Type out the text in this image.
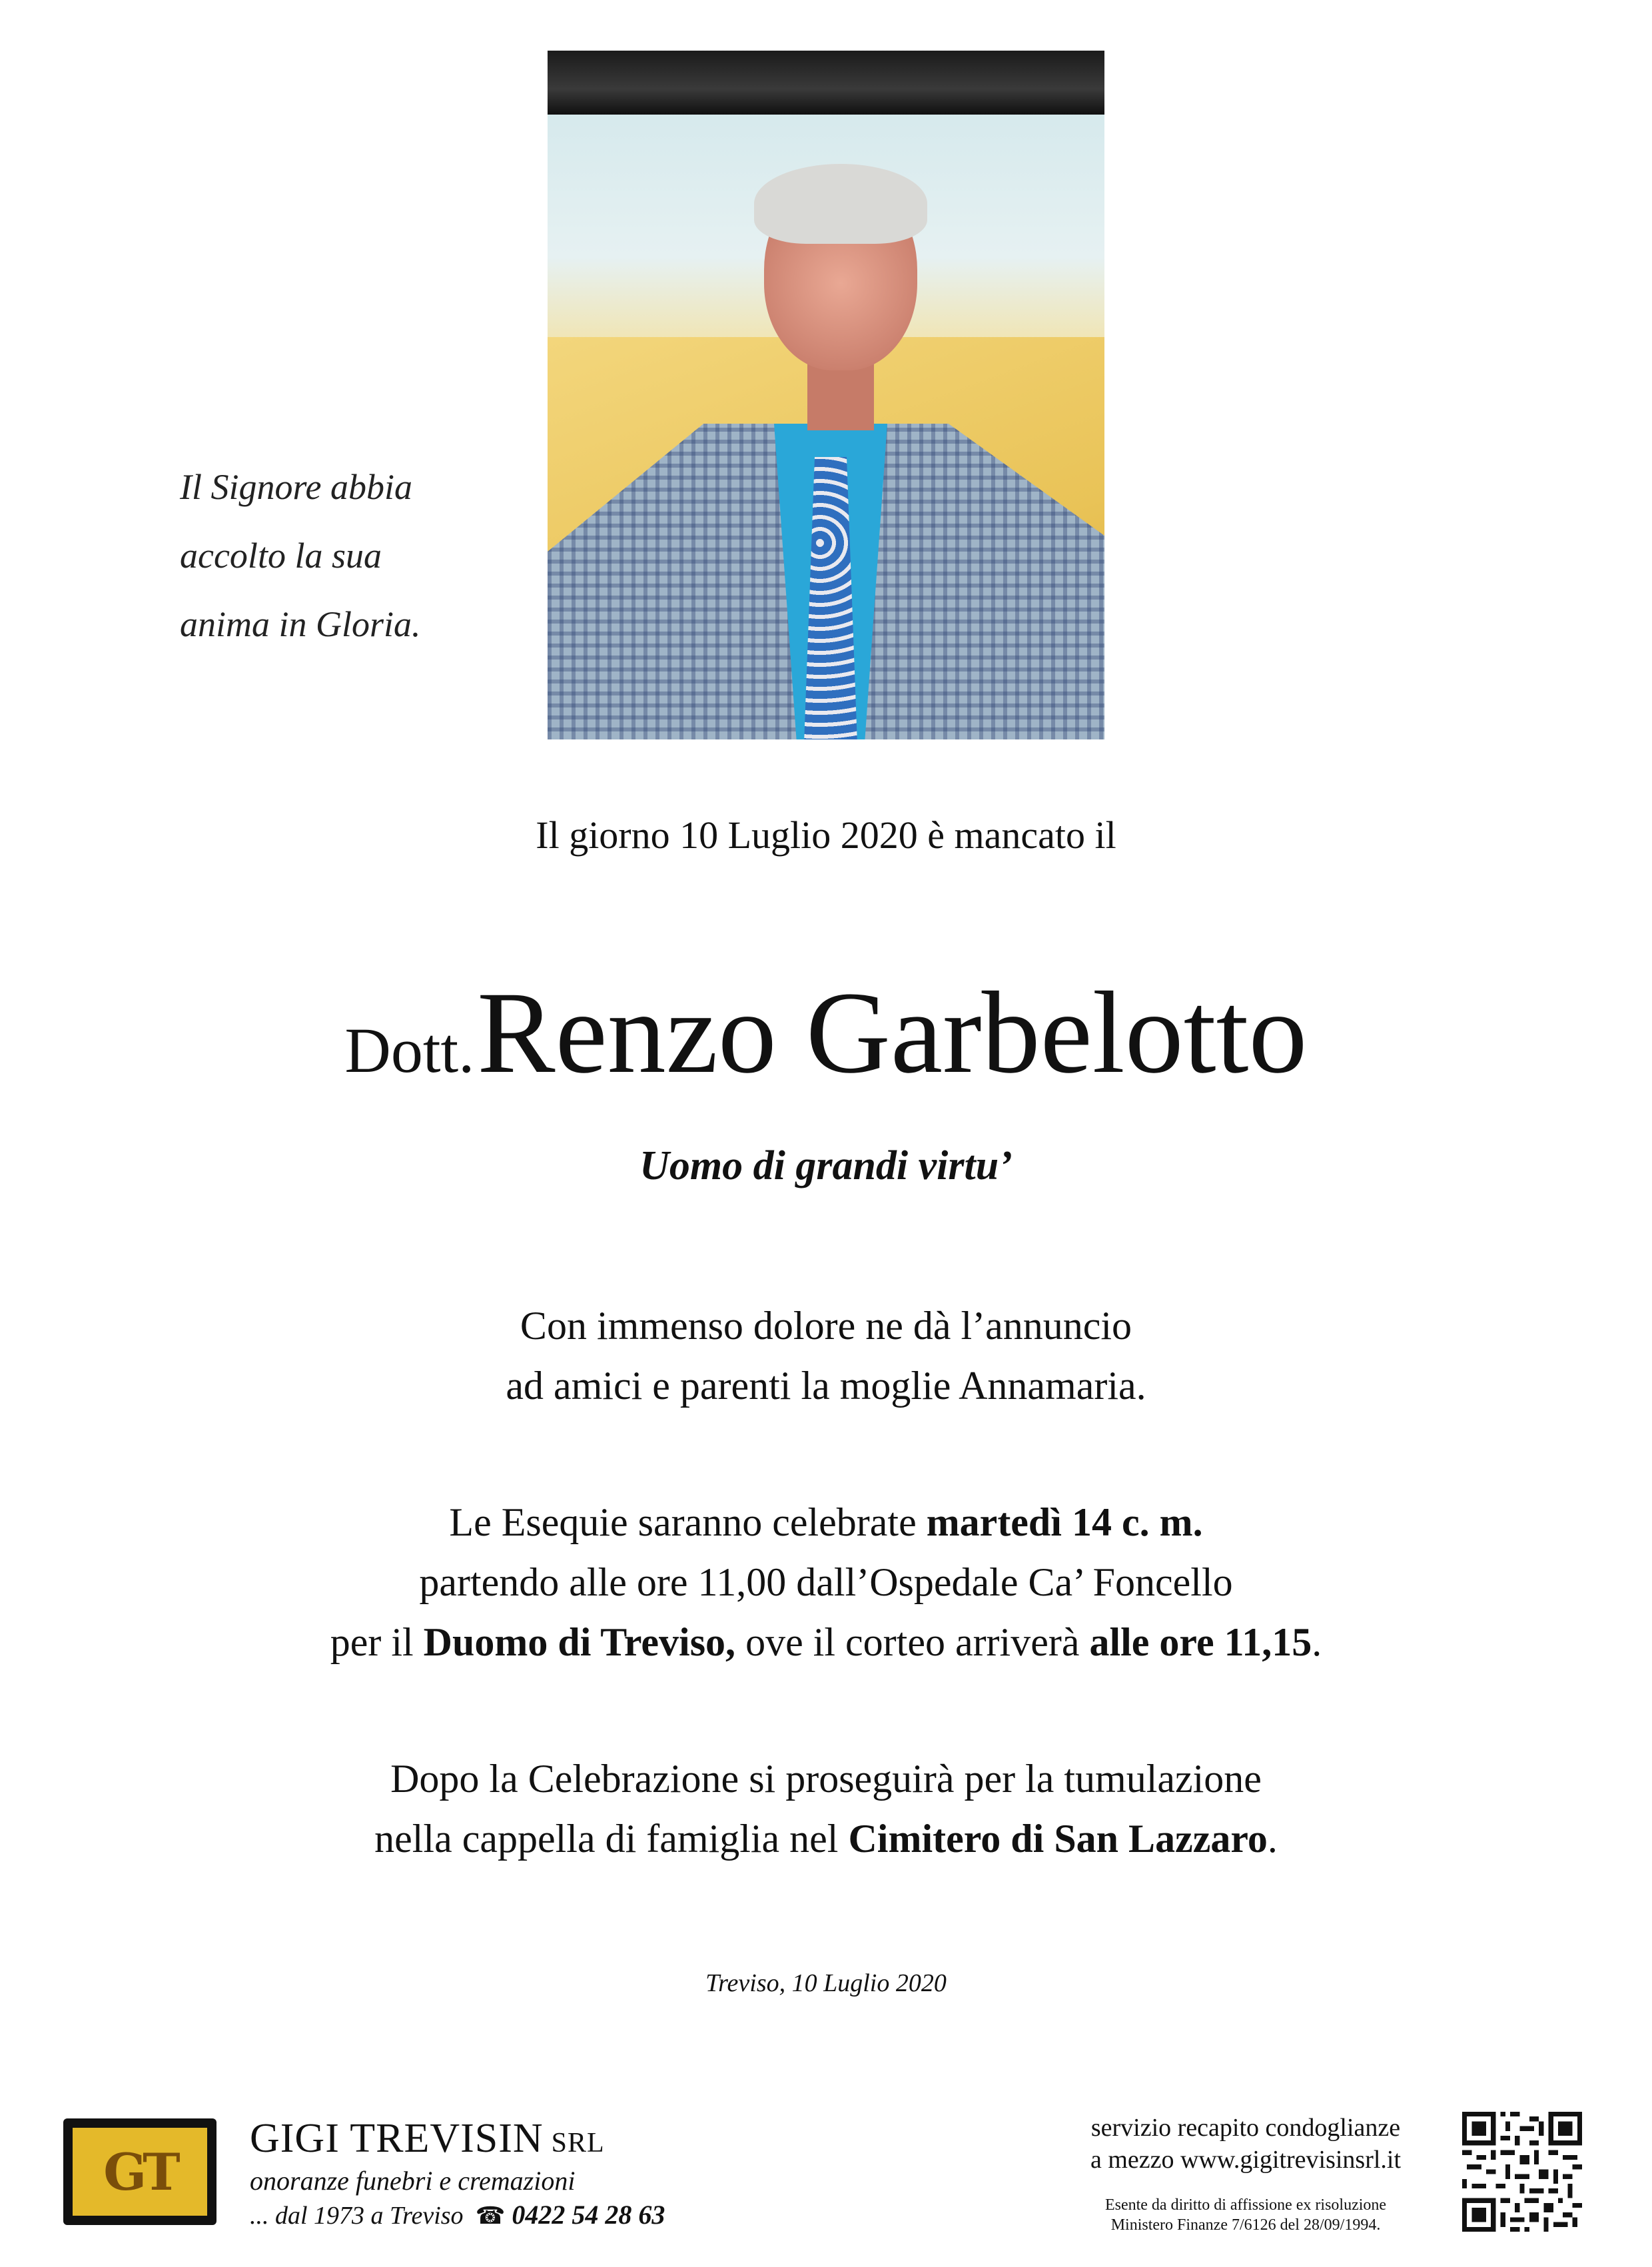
Il Signore abbia
accolto la sua
anima in Gloria.
Il giorno 10 Luglio 2020 è mancato il
Dott. Renzo Garbelotto
Uomo di grandi virtu’
Con immenso dolore ne dà l’annuncio
ad amici e parenti la moglie Annamaria.
Le Esequie saranno celebrate martedì 14 c. m.
partendo alle ore 11,00 dall’Ospedale Ca’ Foncello
per il Duomo di Treviso, ove il corteo arriverà alle ore 11,15.
Dopo la Celebrazione si proseguirà per la tumulazione
nella cappella di famiglia nel Cimitero di San Lazzaro.
Treviso, 10 Luglio 2020
GT
GIGI TREVISIN SRL
onoranze funebri e cremazioni
... dal 1973 a Treviso ☎ 0422 54 28 63
servizio recapito condoglianze
a mezzo www.gigitrevisinsrl.it
Esente da diritto di affissione ex risoluzione
Ministero Finanze 7/6126 del 28/09/1994.
